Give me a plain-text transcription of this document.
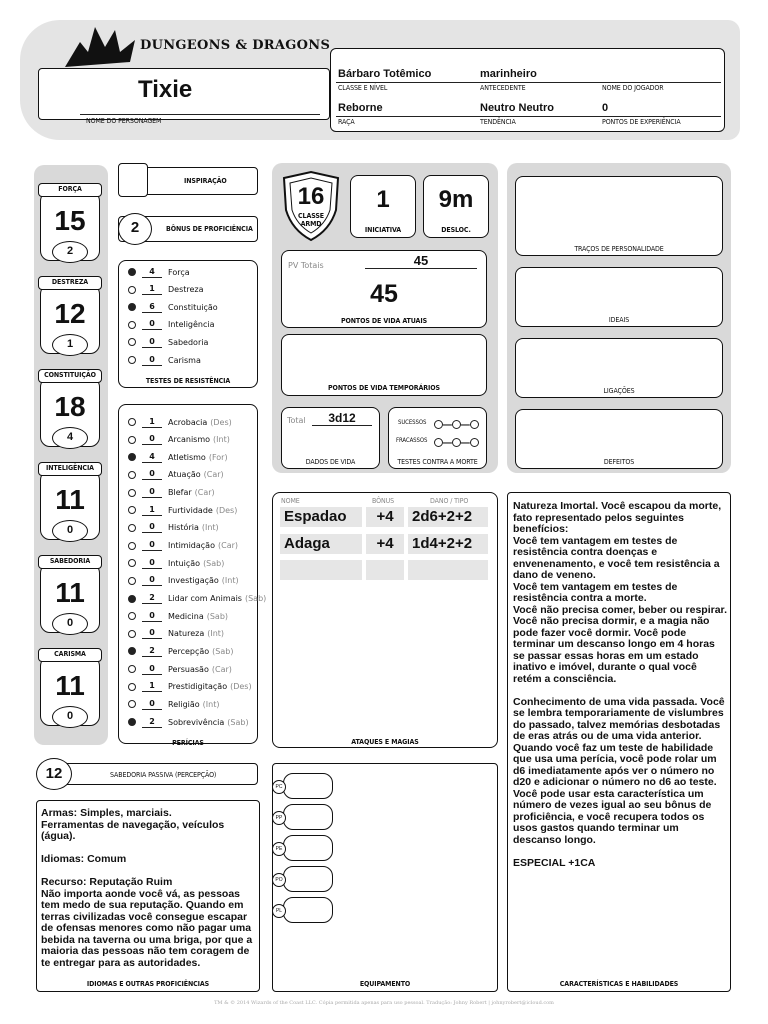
DUNGEONS & DRAGONS
Tixie
NOME DO PERSONAGEM
Bárbaro Totêmico
CLASSE E NÍVEL
marinheiro
ANTECEDENTE	NOME DO JOGADOR
Reborne
RAÇA
Neutro Neutro
TENDÊNCIA
0
PONTOS DE EXPERIÊNCIA
FORÇA
15
2
DESTREZA
12
1
CONSTITUIÇÃO
18
4
INTELIGÊNCIA
11
0
SABEDORIA
11
0
CARISMA
11
0
INSPIRAÇÃO
2	BÔNUS DE PROFICIÊNCIA
4	Força
1	Destreza
6	Constituição
0	Inteligência
0	Sabedoria
0	Carisma
TESTES DE RESISTÊNCIA
1	Acrobacia (Des)
0	Arcanismo (Int)
4	Atletismo (For)
0	Atuação (Car)
0	Blefar (Car)
1	Furtividade (Des)
0	História (Int)
0	Intimidação (Car)
0	Intuição (Sab)
0	Investigação (Int)
2	Lidar com Animais (Sab)
0	Medicina (Sab)
0	Natureza (Int)
2	Percepção (Sab)
0	Persuasão (Car)
1	Prestidigitação (Des)
0	Religião (Int)
2	Sobrevivência (Sab)
PERÍCIAS
12	SABEDORIA PASSIVA (PERCEPÇÃO)
Armas: Simples, marciais.
Ferramentas de navegação, veículos (água).

Idiomas: Comum

Recurso: Reputação Ruim
Não importa aonde você vá, as pessoas tem medo de sua reputação. Quando em terras civilizadas você consegue escapar de ofensas menores como não pagar uma bebida na taverna ou uma briga, por que a maioria das pessoas não tem coragem de te entregar para as autoridades.
IDIOMAS E OUTRAS PROFICIÊNCIAS
16
CLASSE ARMD
1
INICIATIVA
9m
DESLOC.
PV Totais	45
45
PONTOS DE VIDA ATUAIS
PONTOS DE VIDA TEMPORÁRIOS
Total	3d12
DADOS DE VIDA
SUCESSOS	‒ ‒
FRACASSOS ‒ ‒
TESTES CONTRA A MORTE
NOME	BÔNUS	DANO / TIPO
Espadao	+4	2d6+2+2
Adaga	+4	1d4+2+2
ATAQUES E MAGIAS
PC
PP
PE
PO
PL
EQUIPAMENTO
TRAÇOS DE PERSONALIDADE
IDEAIS
LIGAÇÕES
DEFEITOS
Natureza Imortal. Você escapou da morte, fato representado pelos seguintes benefícios:
Você tem vantagem em testes de resistência contra doenças e envenenamento, e você tem resistência a dano de veneno.
Você tem vantagem em testes de resistência contra a morte.
Você não precisa comer, beber ou respirar.
Você não precisa dormir, e a magia não pode fazer você dormir. Você pode terminar um descanso longo em 4 horas se passar essas horas em um estado inativo e imóvel, durante o qual você retém a consciência.

Conhecimento de uma vida passada. Você se lembra temporariamente de vislumbres do passado, talvez memórias desbotadas de eras atrás ou de uma vida anterior.
Quando você faz um teste de habilidade que usa uma perícia, você pode rolar um d6 imediatamente após ver o número no d20 e adicionar o número no d6 ao teste. Você pode usar esta característica um número de vezes igual ao seu bônus de proficiência, e você recupera todos os usos gastos quando terminar um descanso longo.

ESPECIAL +1CA
CARACTERÍSTICAS E HABILIDADES
TM & © 2014 Wizards of the Coast LLC. Cópia permitida apenas para uso pessoal. Tradução: Johny Robert | johnyrobert@icloud.com
